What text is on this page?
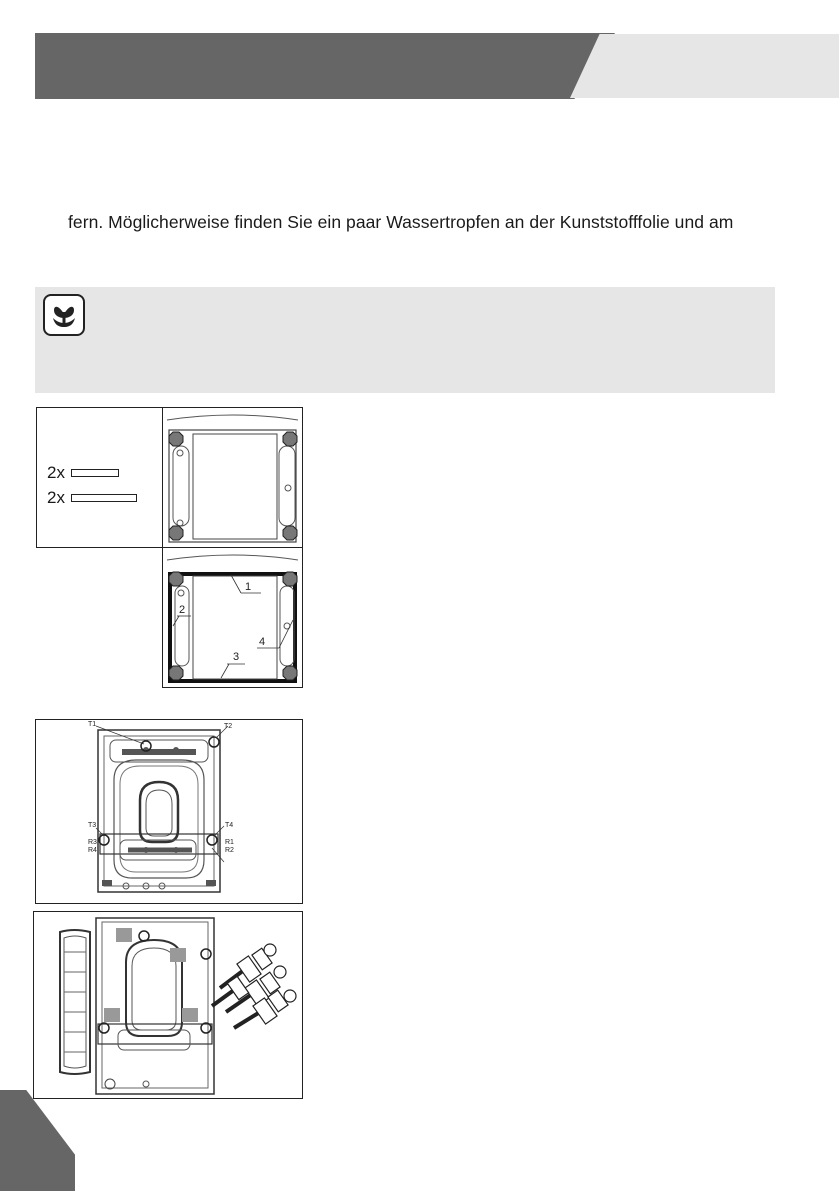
fern. Möglicherweise finden Sie ein paar Wassertropfen an der Kunststofffolie und am
2x
2x
1
2
3
4
T1	T2
T3	T4
R1
R2
R3
R4
